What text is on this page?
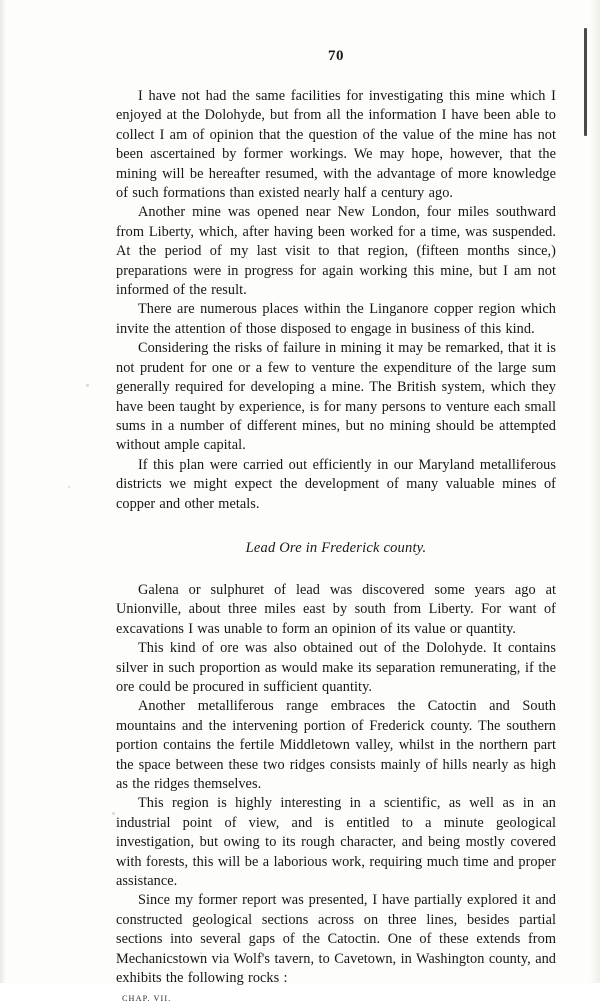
70

I have not had the same facilities for investigating this mine which I enjoyed at the Dolohyde, but from all the information I have been able to collect I am of opinion that the question of the value of the mine has not been ascertained by former workings. We may hope, however, that the mining will be hereafter resumed, with the advantage of more knowledge of such formations than existed nearly half a century ago.

Another mine was opened near New London, four miles southward from Liberty, which, after having been worked for a time, was suspended. At the period of my last visit to that region, (fifteen months since,) preparations were in progress for again working this mine, but I am not informed of the result.

There are numerous places within the Linganore copper region which invite the attention of those disposed to engage in business of this kind.

Considering the risks of failure in mining it may be remarked, that it is not prudent for one or a few to venture the expenditure of the large sum generally required for developing a mine. The British system, which they have been taught by experience, is for many persons to venture each small sums in a number of different mines, but no mining should be attempted without ample capital.

If this plan were carried out efficiently in our Maryland metalliferous districts we might expect the development of many valuable mines of copper and other metals.

Lead Ore in Frederick county.

Galena or sulphuret of lead was discovered some years ago at Unionville, about three miles east by south from Liberty. For want of excavations I was unable to form an opinion of its value or quantity.

This kind of ore was also obtained out of the Dolohyde. It contains silver in such proportion as would make its separation remunerating, if the ore could be procured in sufficient quantity.

Another metalliferous range embraces the Catoctin and South mountains and the intervening portion of Frederick county. The southern portion contains the fertile Middletown valley, whilst in the northern part the space between these two ridges consists mainly of hills nearly as high as the ridges themselves.

This region is highly interesting in a scientific, as well as in an industrial point of view, and is entitled to a minute geological investigation, but owing to its rough character, and being mostly covered with forests, this will be a laborious work, requiring much time and proper assistance.

Since my former report was presented, I have partially explored it and constructed geological sections across on three lines, besides partial sections into several gaps of the Catoctin. One of these extends from Mechanicstown via Wolf's tavern, to Cavetown, in Washington county, and exhibits the following rocks :

CHAP. VII.
